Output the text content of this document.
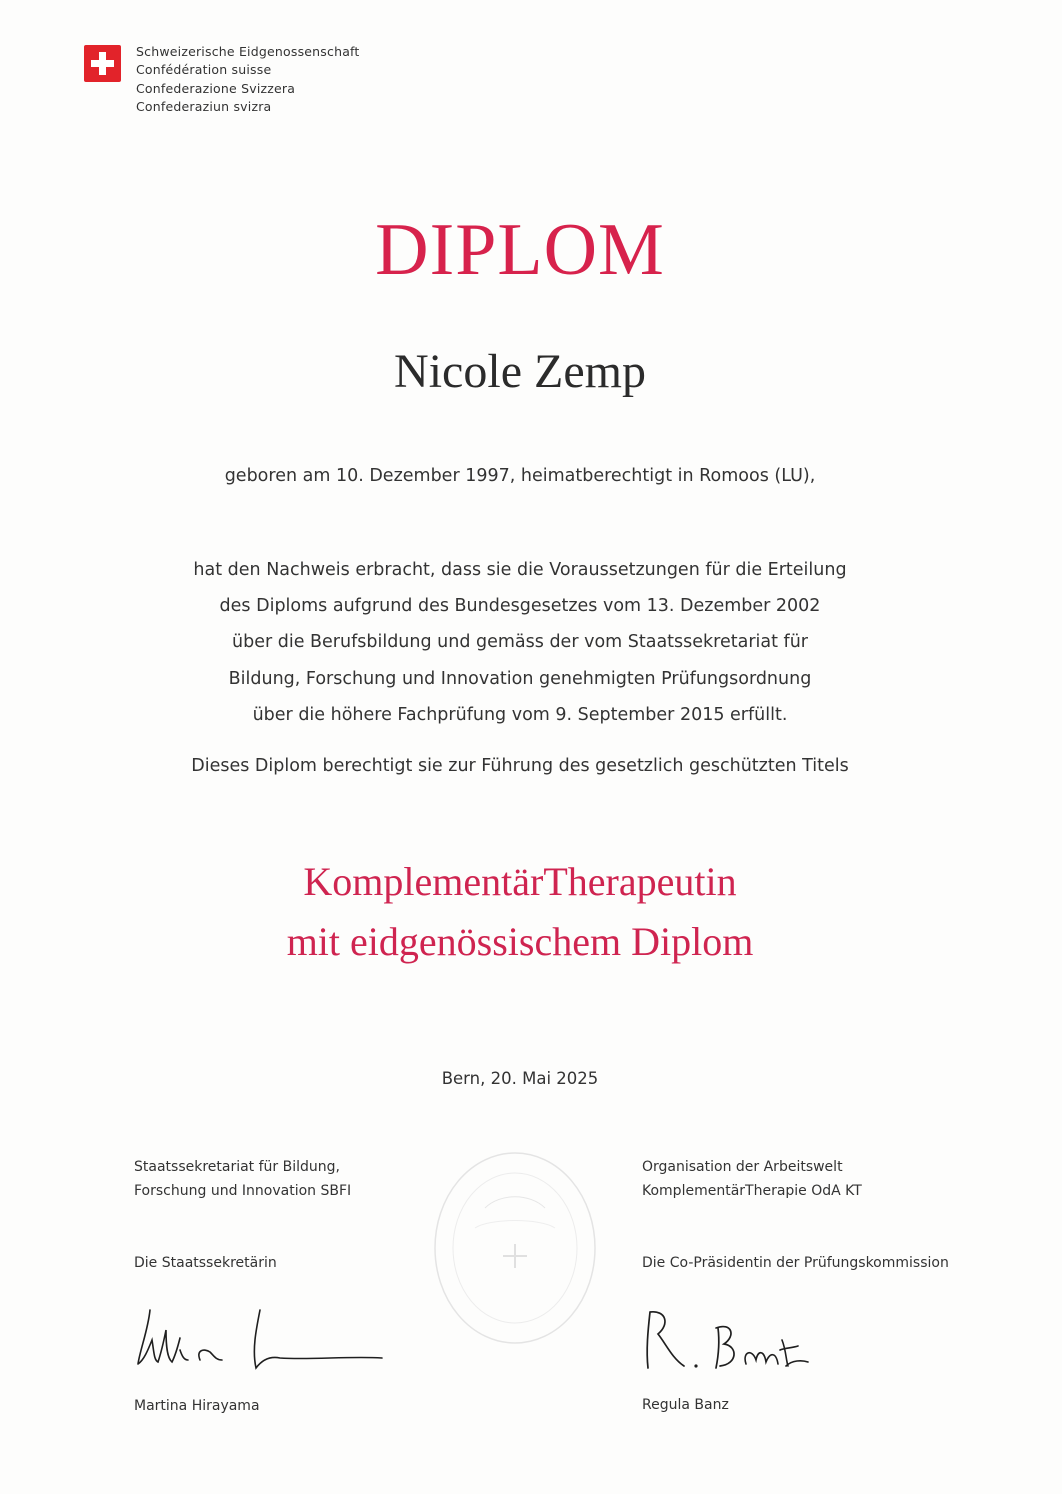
Schweizerische Eidgenossenschaft
Confédération suisse
Confederazione Svizzera
Confederaziun svizra
DIPLOM
Nicole Zemp
geboren am 10. Dezember 1997, heimatberechtigt in Romoos (LU),
hat den Nachweis erbracht, dass sie die Voraussetzungen für die Erteilung
des Diploms aufgrund des Bundesgesetzes vom 13. Dezember 2002
über die Berufsbildung und gemäss der vom Staatssekretariat für
Bildung, Forschung und Innovation genehmigten Prüfungsordnung
über die höhere Fachprüfung vom 9. September 2015 erfüllt.
Dieses Diplom berechtigt sie zur Führung des gesetzlich geschützten Titels
KomplementärTherapeutin
mit eidgenössischem Diplom
Bern, 20. Mai 2025
Staatssekretariat für Bildung,
Forschung und Innovation SBFI
Die Staatssekretärin
Martina Hirayama
Organisation der Arbeitswelt
KomplementärTherapie OdA KT
Die Co-Präsidentin der Prüfungskommission
Regula Banz
